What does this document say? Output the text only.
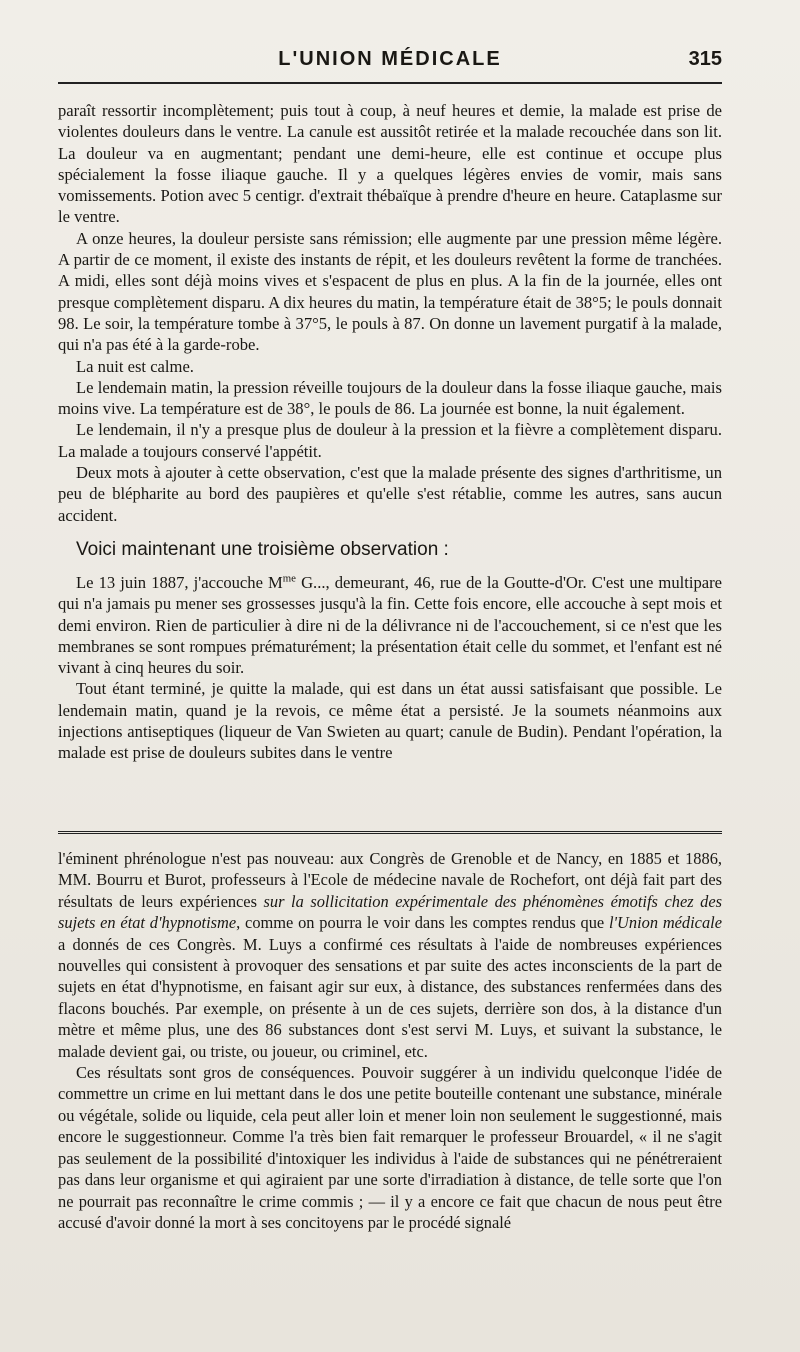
L'UNION MÉDICALE	315

paraît ressortir incomplètement; puis tout à coup, à neuf heures et demie, la malade est prise de violentes douleurs dans le ventre. La canule est aussitôt retirée et la malade recouchée dans son lit. La douleur va en augmentant; pendant une demi-heure, elle est continue et occupe plus spécialement la fosse iliaque gauche. Il y a quelques légères envies de vomir, mais sans vomissements. Potion avec 5 centigr. d'extrait thébaïque à prendre d'heure en heure. Cataplasme sur le ventre.

A onze heures, la douleur persiste sans rémission; elle augmente par une pression même légère. A partir de ce moment, il existe des instants de répit, et les douleurs revêtent la forme de tranchées. A midi, elles sont déjà moins vives et s'espacent de plus en plus. A la fin de la journée, elles ont presque complètement disparu. A dix heures du matin, la température était de 38°5; le pouls donnait 98. Le soir, la température tombe à 37°5, le pouls à 87. On donne un lavement purgatif à la malade, qui n'a pas été à la garde-robe.

La nuit est calme.

Le lendemain matin, la pression réveille toujours de la douleur dans la fosse iliaque gauche, mais moins vive. La température est de 38°, le pouls de 86. La journée est bonne, la nuit également.

Le lendemain, il n'y a presque plus de douleur à la pression et la fièvre a complètement disparu. La malade a toujours conservé l'appétit.

Deux mots à ajouter à cette observation, c'est que la malade présente des signes d'arthritisme, un peu de blépharite au bord des paupières et qu'elle s'est rétablie, comme les autres, sans aucun accident.

Voici maintenant une troisième observation :

Le 13 juin 1887, j'accouche $M^{me}$ G..., demeurant, 46, rue de la Goutte-d'Or. C'est une multipare qui n'a jamais pu mener ses grossesses jusqu'à la fin. Cette fois encore, elle accouche à sept mois et demi environ. Rien de particulier à dire ni de la délivrance ni de l'accouchement, si ce n'est que les membranes se sont rompues prématurément; la présentation était celle du sommet, et l'enfant est né vivant à cinq heures du soir.

Tout étant terminé, je quitte la malade, qui est dans un état aussi satisfaisant que possible. Le lendemain matin, quand je la revois, ce même état a persisté. Je la soumets néanmoins aux injections antiseptiques (liqueur de Van Swieten au quart; canule de Budin). Pendant l'opération, la malade est prise de douleurs subites dans le ventre

l'éminent phrénologue n'est pas nouveau: aux Congrès de Grenoble et de Nancy, en 1885 et 1886, MM. Bourru et Burot, professeurs à l'Ecole de médecine navale de Rochefort, ont déjà fait part des résultats de leurs expériences sur la sollicitation expérimentale des phénomènes émotifs chez des sujets en état d'hypnotisme, comme on pourra le voir dans les comptes rendus que l'Union médicale a donnés de ces Congrès. M. Luys a confirmé ces résultats à l'aide de nombreuses expériences nouvelles qui consistent à provoquer des sensations et par suite des actes inconscients de la part de sujets en état d'hypnotisme, en faisant agir sur eux, à distance, des substances renfermées dans des flacons bouchés. Par exemple, on présente à un de ces sujets, derrière son dos, à la distance d'un mètre et même plus, une des 86 substances dont s'est servi M. Luys, et suivant la substance, le malade devient gai, ou triste, ou joueur, ou criminel, etc.

Ces résultats sont gros de conséquences. Pouvoir suggérer à un individu quelconque l'idée de commettre un crime en lui mettant dans le dos une petite bouteille contenant une substance, minérale ou végétale, solide ou liquide, cela peut aller loin et mener loin non seulement le suggestionné, mais encore le suggestionneur. Comme l'a très bien fait remarquer le professeur Brouardel, « il ne s'agit pas seulement de la possibilité d'intoxiquer les individus à l'aide de substances qui ne pénétreraient pas dans leur organisme et qui agiraient par une sorte d'irradiation à distance, de telle sorte que l'on ne pourrait pas reconnaître le crime commis ; — il y a encore ce fait que chacun de nous peut être accusé d'avoir donné la mort à ses concitoyens par le procédé signalé
